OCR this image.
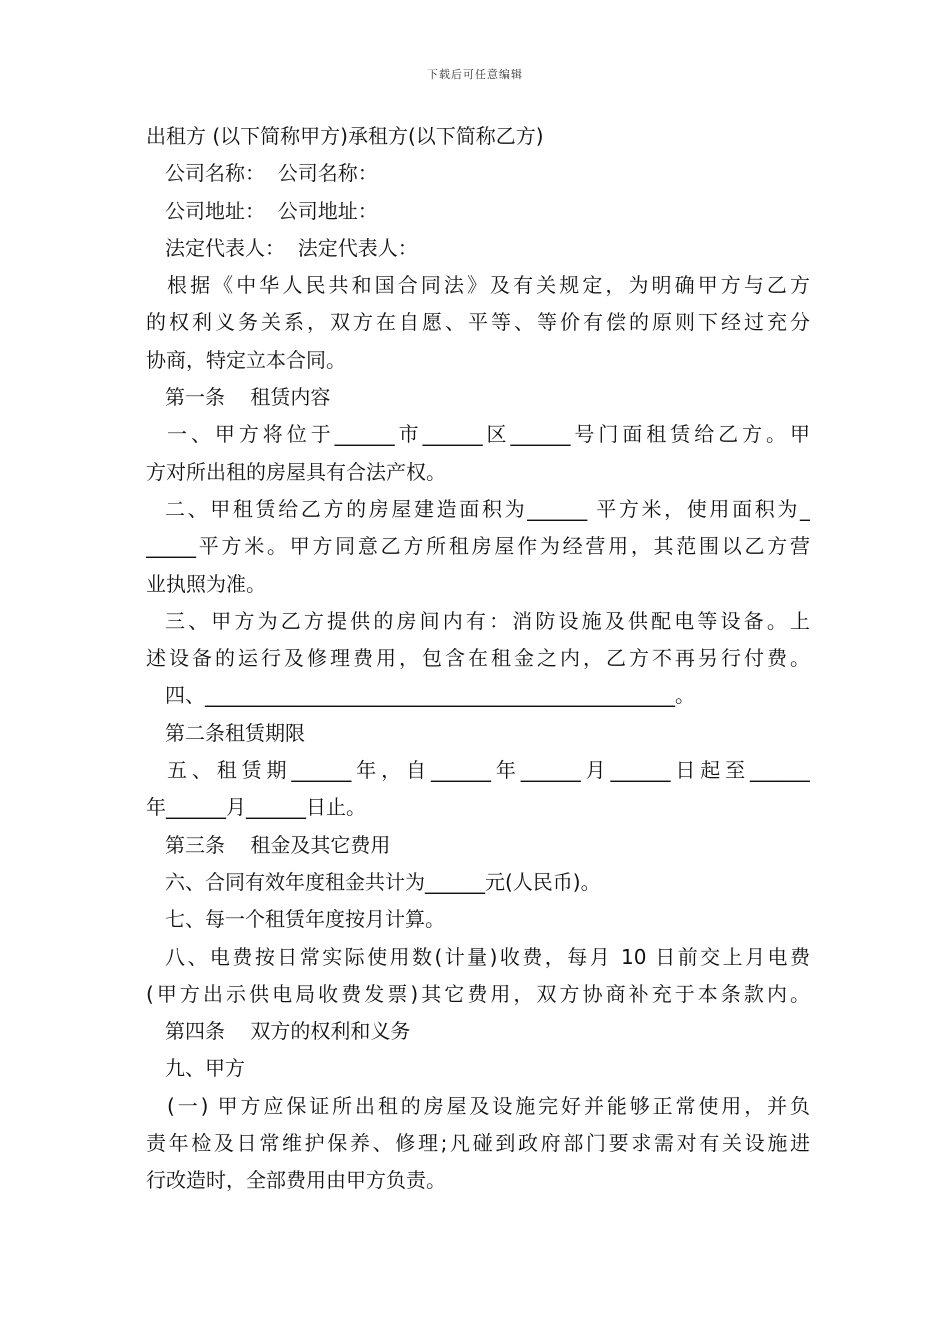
下载后可任意编辑
出租方 (以下简称甲方)承租方(以下简称乙方)
公司名称：  公司名称：
公司地址：  公司地址：
法定代表人：  法定代表人：
根据《中华人民共和国合同法》及有关规定，为明确甲方与乙方
的权利义务关系，双方在自愿、平等、等价有偿的原则下经过充分
协商，特定立本合同。
第一条    租赁内容
一、甲方将位于______市______区______号门面租赁给乙方。甲
方对所出租的房屋具有合法产权。
二、甲租赁给乙方的房屋建造面积为______ 平方米，使用面积为_
_____平方米。甲方同意乙方所租房屋作为经营用，其范围以乙方营
业执照为准。
三、甲方为乙方提供的房间内有：消防设施及供配电等设备。上
述设备的运行及修理费用，包含在租金之内，乙方不再另行付费。
四、_______________________________________________。
第二条租赁期限
五、租赁期______年，自______年______月______日起至______
年______月______日止。
第三条    租金及其它费用
六、合同有效年度租金共计为______元(人民币)。
七、每一个租赁年度按月计算。
八、电费按日常实际使用数(计量)收费，每月 10 日前交上月电费
(甲方出示供电局收费发票)其它费用，双方协商补充于本条款内。
第四条    双方的权利和义务
九、甲方
(一) 甲方应保证所出租的房屋及设施完好并能够正常使用，并负
责年检及日常维护保养、修理;凡碰到政府部门要求需对有关设施进
行改造时，全部费用由甲方负责。
